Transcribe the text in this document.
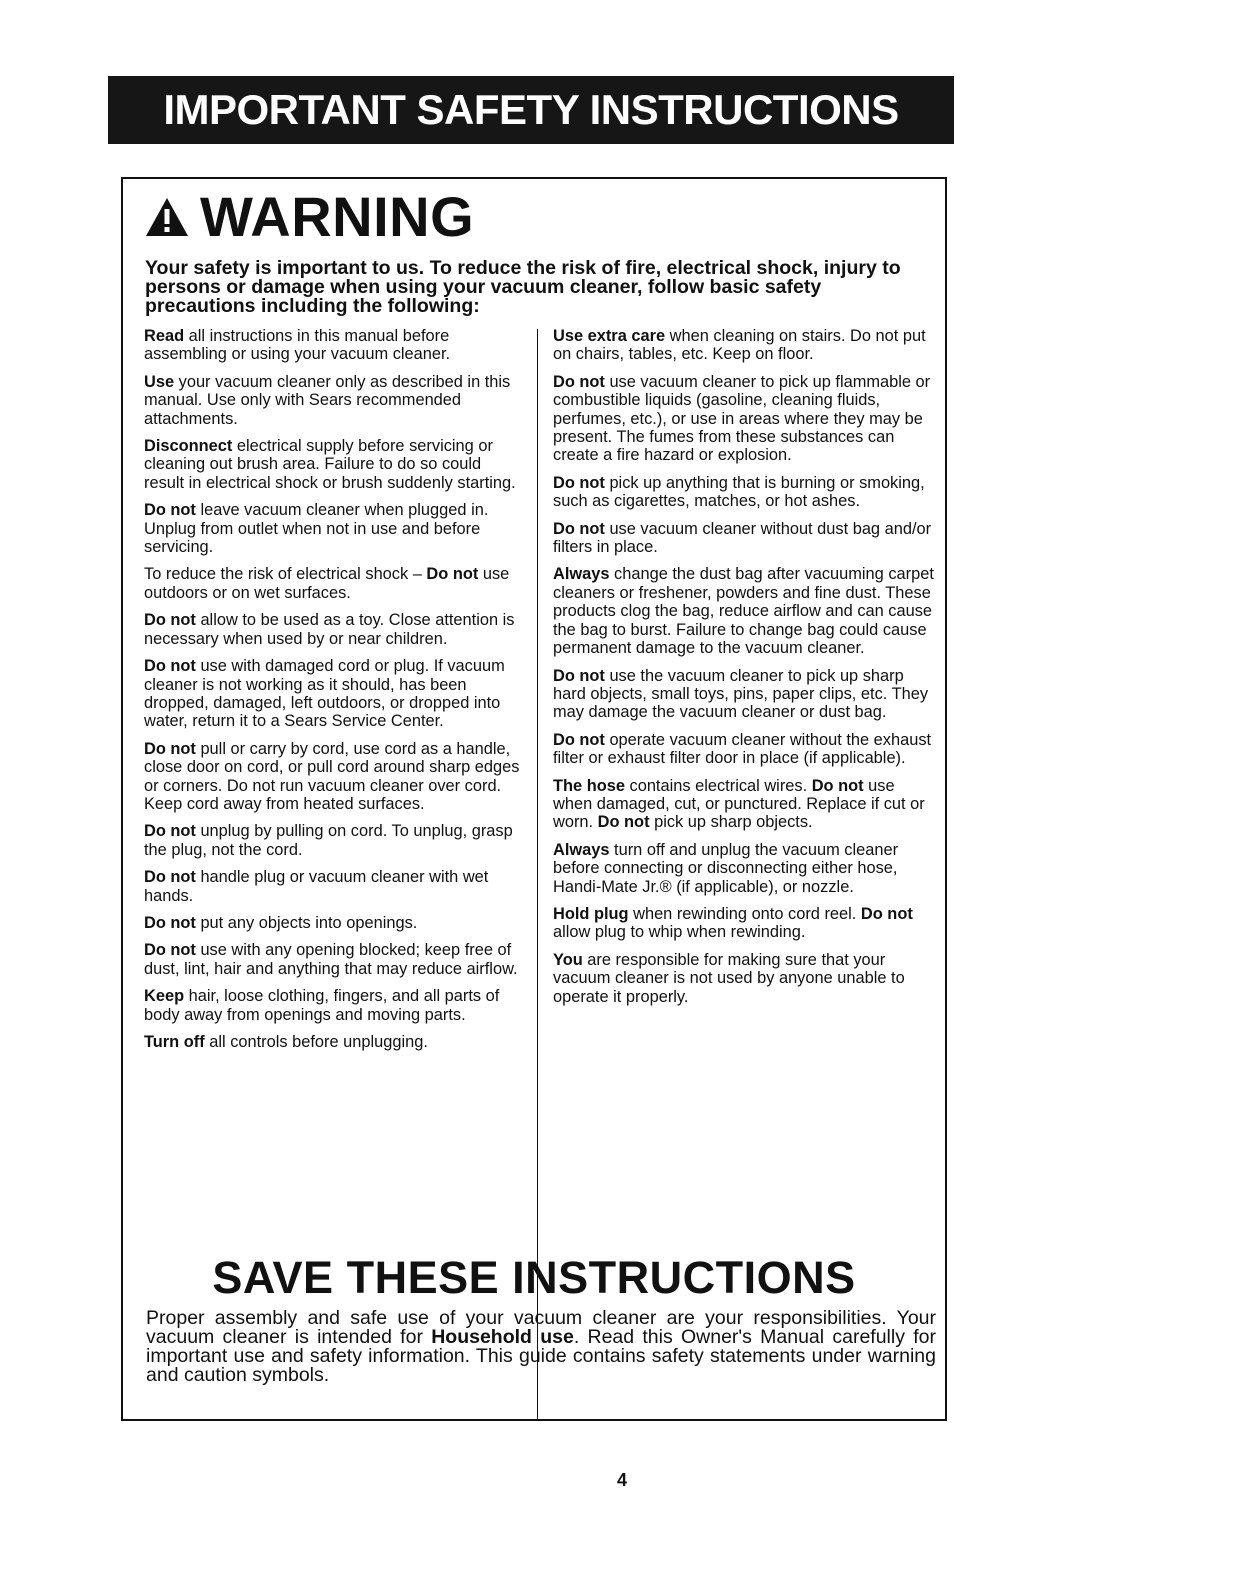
IMPORTANT SAFETY INSTRUCTIONS
WARNING
Your safety is important to us. To reduce the risk of fire, electrical shock, injury to persons or damage when using your vacuum cleaner, follow basic safety precautions including the following:

Read all instructions in this manual before assembling or using your vacuum cleaner.

Use your vacuum cleaner only as described in this manual. Use only with Sears recommended attachments.

Disconnect electrical supply before servicing or cleaning out brush area. Failure to do so could result in electrical shock or brush suddenly starting.

Do not leave vacuum cleaner when plugged in. Unplug from outlet when not in use and before servicing.

To reduce the risk of electrical shock – Do not use outdoors or on wet surfaces.

Do not allow to be used as a toy. Close attention is necessary when used by or near children.

Do not use with damaged cord or plug. If vacuum cleaner is not working as it should, has been dropped, damaged, left outdoors, or dropped into water, return it to a Sears Service Center.

Do not pull or carry by cord, use cord as a handle, close door on cord, or pull cord around sharp edges or corners. Do not run vacuum cleaner over cord. Keep cord away from heated surfaces.

Do not unplug by pulling on cord. To unplug, grasp the plug, not the cord.

Do not handle plug or vacuum cleaner with wet hands.

Do not put any objects into openings.

Do not use with any opening blocked; keep free of dust, lint, hair and anything that may reduce airflow.

Keep hair, loose clothing, fingers, and all parts of body away from openings and moving parts.

Turn off all controls before unplugging.

Use extra care when cleaning on stairs. Do not put on chairs, tables, etc. Keep on floor.

Do not use vacuum cleaner to pick up flammable or combustible liquids (gasoline, cleaning fluids, perfumes, etc.), or use in areas where they may be present. The fumes from these substances can create a fire hazard or explosion.

Do not pick up anything that is burning or smoking, such as cigarettes, matches, or hot ashes.

Do not use vacuum cleaner without dust bag and/or filters in place.

Always change the dust bag after vacuuming carpet cleaners or freshener, powders and fine dust. These products clog the bag, reduce airflow and can cause the bag to burst. Failure to change bag could cause permanent damage to the vacuum cleaner.

Do not use the vacuum cleaner to pick up sharp hard objects, small toys, pins, paper clips, etc. They may damage the vacuum cleaner or dust bag.

Do not operate vacuum cleaner without the exhaust filter or exhaust filter door in place (if applicable).

The hose contains electrical wires. Do not use when damaged, cut, or punctured. Replace if cut or worn. Do not pick up sharp objects.

Always turn off and unplug the vacuum cleaner before connecting or disconnecting either hose, Handi-Mate Jr.® (if applicable), or nozzle.

Hold plug when rewinding onto cord reel. Do not allow plug to whip when rewinding.

You are responsible for making sure that your vacuum cleaner is not used by anyone unable to operate it properly.

SAVE THESE INSTRUCTIONS
Proper assembly and safe use of your vacuum cleaner are your responsibilities. Your vacuum cleaner is intended for Household use. Read this Owner's Manual carefully for important use and safety information. This guide contains safety statements under warning and caution symbols.
4
